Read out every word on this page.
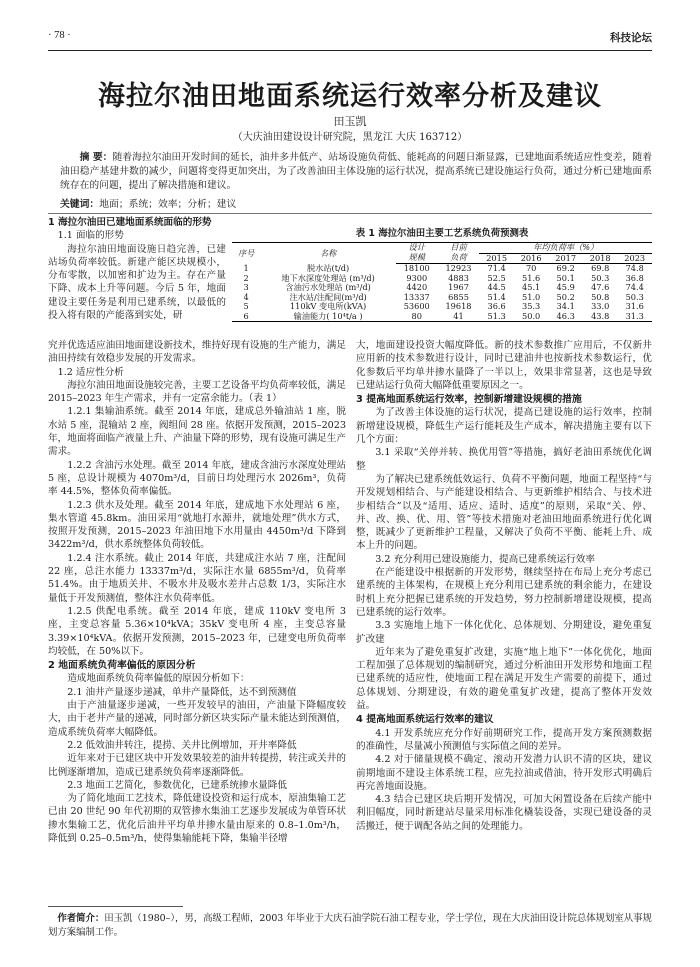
· 78 ·	科技论坛
海拉尔油田地面系统运行效率分析及建议
田玉凯
（大庆油田建设设计研究院，黑龙江 大庆 163712）
摘 要：随着海拉尔油田开发时间的延长，油井多井低产、站场设施负荷低、能耗高的问题日渐显露，已建地面系统适应性变差，随着油田稳产基建井数的减少，问题将变得更加突出，为了改善油田主体设施的运行状况，提高系统已建设施运行负荷，通过分析已建地面系统存在的问题，提出了解决措施和建议。
关键词：地面；系统；效率；分析；建议

1 海拉尔油田已建地面系统面临的形势

1.1 面临的形势

海拉尔油田地面设施日趋完善，已建站场负荷率较低。新建产能区块规模小，分布零散，以加密和扩边为主。存在产量下降、成本上升等问题。今后 5 年，地面建设主要任务是利用已建系统，以最低的投入将有限的产能落到实处，研

表 1 海拉尔油田主要工艺系统负荷预测表
序号	名称	设计	目前	年均负荷率（%）				
		规模	负荷	2015	2016	2017	2018	2023
1	脱水站(t/d)	18100	12923	71.4	70	69.2	69.8	74.8
2	地下水深度处理站 (m³/d)	9300	4883	52.5	51.6	50.1	50.3	36.8
3	含油污水处理站 (m³/d)	4420	1967	44.5	45.1	45.9	47.6	74.4
4	注水站/注配间(m³/d)	13337	6855	51.4	51.0	50.2	50.8	50.3
5	110kV 变电所(kVA)	53600	19618	36.6	35.3	34.1	33.0	31.6
6	输油能力( 10⁴t/a )	80	41	51.3	50.0	46.3	43.8	31.3

究并优选适应油田地面建设新技术，维持好现有设施的生产能力，满足油田持续有效稳步发展的开发需求。

1.2 适应性分析

海拉尔油田地面设施较完善，主要工艺设备平均负荷率较低，满足 2015–2023 年生产需求，并有一定富余能力。（表 1）

1.2.1 集输油系统。截至 2014 年底，建成总外输油站 1 座，脱水站 5 座，混输站 2 座，阀组间 28 座。依据开发预测，2015–2023 年，地面将面临产液量上升、产油量下降的形势，现有设施可满足生产需求。

1.2.2 含油污水处理。截至 2014 年底，建成含油污水深度处理站 5 座，总设计规模为 4070m³/d，目前日均处理污水 2026m³，负荷率 44.5%，整体负荷率偏低。

1.2.3 供水及处理。截至 2014 年底，建成地下水处理站 6 座，集水管道 45.8km。油田采用“就地打水源井，就地处理”供水方式，按照开发预测，2015–2023 年油田地下水用量由 4450m³/d 下降到 3422m³/d，供水系统整体负荷较低。

1.2.4 注水系统。截止 2014 年底，共建成注水站 7 座，注配间 22 座，总注水能力 13337m³/d，实际注水量 6855m³/d，负荷率 51.4%。由于地质关井、不吸水井及吸水差井占总数 1/3，实际注水量低于开发预测值，整体注水负荷率低。

1.2.5 供配电系统。截至 2014 年底，建成 110kV 变电所 3 座，主变总容量 5.36×10⁴kVA；35kV 变电所 4 座，主变总容量 3.39×10⁴kVA。依据开发预测，2015–2023 年，已建变电所负荷率均较低，在 50%以下。

2 地面系统负荷率偏低的原因分析

造成地面系统负荷率偏低的原因分析如下：

2.1 油井产量逐步递减，单井产量降低，达不到预测值

由于产油量逐步递减，一些开发较早的油田，产油量下降幅度较大，由于老井产量的递减，同时部分新区块实际产量未能达到预测值，造成系统负荷率大幅降低。

2.2 低效油井转注，提捞、关井比例增加，开井率降低

近年来对于已建区块中开发效果较差的油井转提捞，转注或关井的比例逐渐增加，造成已建系统负荷率逐渐降低。

2.3 地面工艺简化，参数优化，已建系统掺水量降低

为了简化地面工艺技术，降低建设投资和运行成本，原油集输工艺已由 20 世纪 90 年代初期的双管掺水集油工艺逐步发展成为单管环状掺水集输工艺，优化后油井平均单井掺水量由原来的 0.8–1.0m³/h，降低到 0.25–0.5m³/h，使得集输能耗下降，集输半径增

大，地面建设投资大幅度降低。新的技术参数推广应用后，不仅新井应用新的技术参数进行设计，同时已建油井也按新技术参数运行，优化参数后平均单井掺水量降了一半以上，效果非常显著，这也是导致已建站运行负荷大幅降低重要原因之一。

3 提高地面系统运行效率，控制新增建设规模的措施

为了改善主体设施的运行状况，提高已建设施的运行效率，控制新增建设规模，降低生产运行能耗及生产成本，解决措施主要有以下几个方面：

3.1 采取“关停并转、换优用管”等措施，搞好老油田系统优化调整

为了解决已建系统低效运行、负荷不平衡问题，地面工程坚持“与开发规划相结合、与产能建设相结合、与更新维护相结合、与技术进步相结合”以及“适用、适应、适时、适度”的原则，采取“关、停、并、改、换、优、用、管”等技术措施对老油田地面系统进行优化调整，既减少了更新维护工程量，又解决了负荷不平衡、能耗上升、成本上升的问题。

3.2 充分利用已建设施能力，提高已建系统运行效率

在产能建设中根据新的开发形势，继续坚持在布局上充分考虑已建系统的主体架构，在规模上充分利用已建系统的剩余能力，在建设时机上充分把握已建系统的开发趋势，努力控制新增建设规模，提高已建系统的运行效率。

3.3 实施地上地下一体化优化、总体规划、分期建设，避免重复扩改建

近年来为了避免重复扩改建，实施“地上地下”一体化优化，地面工程加强了总体规划的编制研究，通过分析油田开发形势和地面工程已建系统的适应性，使地面工程在满足开发生产需要的前提下，通过总体规划、分期建设，有效的避免重复扩改建，提高了整体开发效益。

4 提高地面系统运行效率的建议

4.1 开发系统应充分作好前期研究工作，提高开发方案预测数据的准确性，尽量减小预测值与实际值之间的差异。

4.2 对于储量规模不确定、滚动开发潜力认识不清的区块，建议前期地面不建设主体系统工程，应先拉油或借油，待开发形式明确后再完善地面设施。

4.3 结合已建区块后期开发情况，可加大闲置设备在后续产能中利旧幅度，同时新建站尽量采用标准化橇装设备，实现已建设备的灵活搬迁，便于调配各站之间的处理能力。

作者简介：田玉凯（1980–），男，高级工程师，2003 年毕业于大庆石油学院石油工程专业，学士学位，现在大庆油田设计院总体规划室从事规划方案编制工作。
